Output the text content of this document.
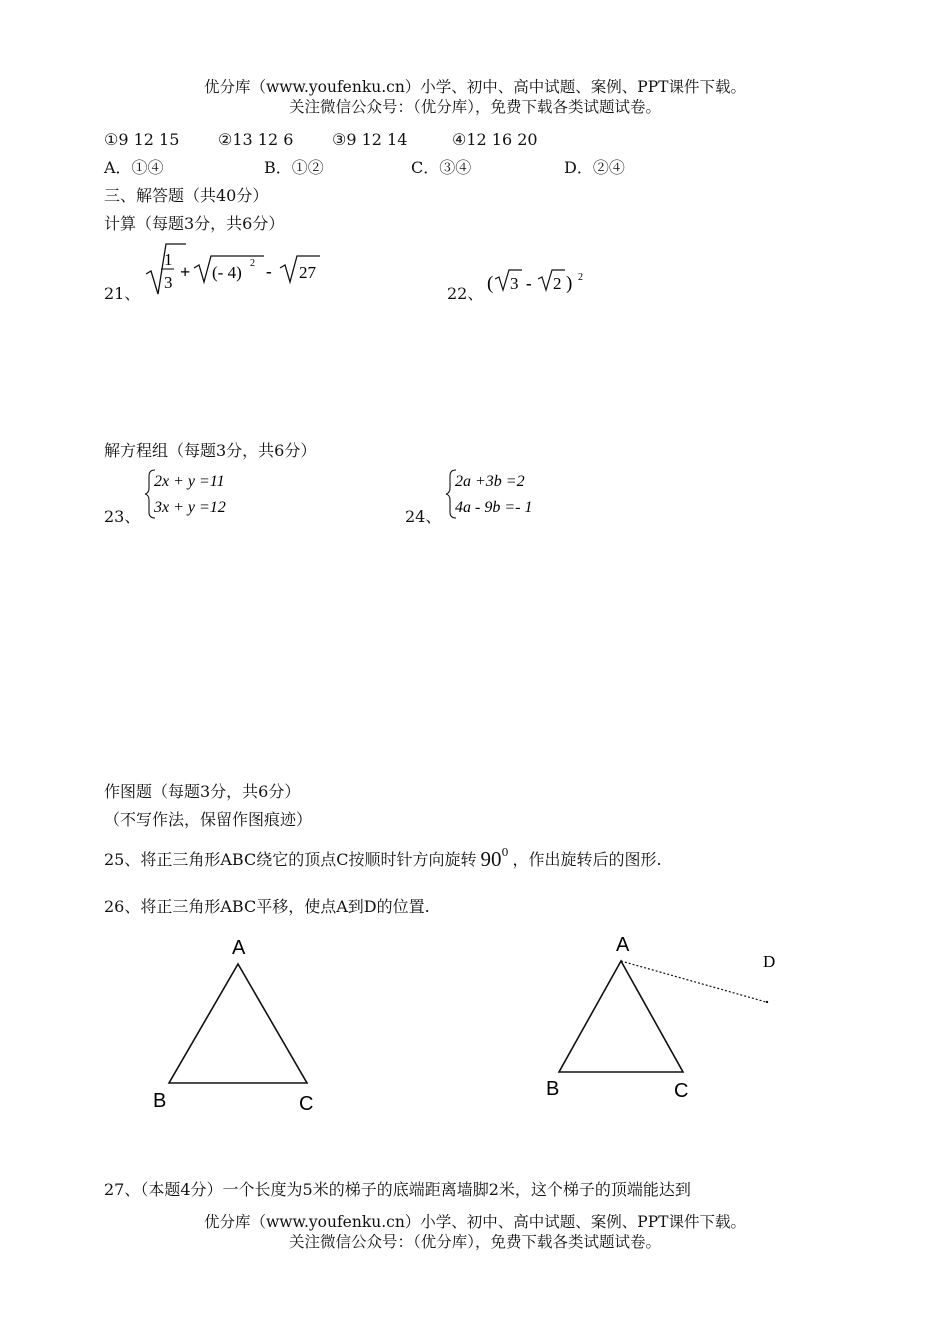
优分库（www.youfenku.cn）小学、初中、高中试题、案例、PPT课件下载。
关注微信公众号：（优分库），免费下载各类试题试卷。
①9 12 15 ②13 12 6 ③9 12 14	④12 16 20
A．①④	B．①②	C．③④	D．②④
三、解答题（共40分）
计算（每题3分，共6分）
21、
1
3
+ (- 4) 2 - 27
22、 ( 3 - 2 ) 2
解方程组（每题3分，共6分）
23、
2x + y =11
3x + y =12	24、
2a +3b =2
4a - 9b =- 1
作图题（每题3分，共6分）
（不写作法，保留作图痕迹）
25、将正三角形ABC绕它的顶点C按顺时针方向旋转 $90^0$ ，作出旋转后的图形.
26、将正三角形ABC平移，使点A到D的位置.
A
B	C
A
B	C
D
27、（本题4分）一个长度为5米的梯子的底端距离墙脚2米，这个梯子的顶端能达到
优分库（www.youfenku.cn）小学、初中、高中试题、案例、PPT课件下载。
关注微信公众号：（优分库），免费下载各类试题试卷。
